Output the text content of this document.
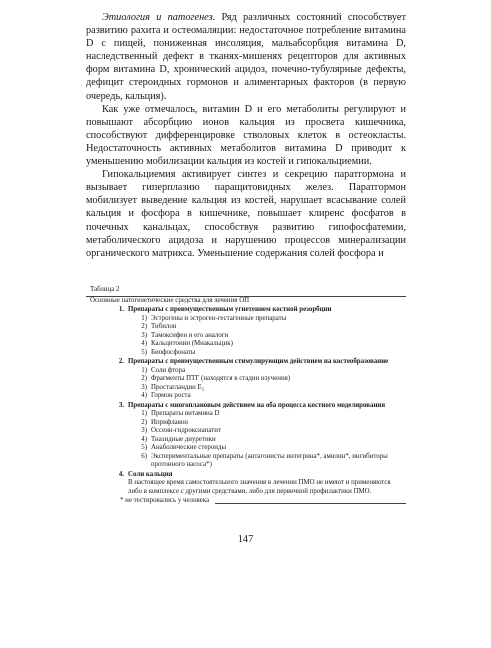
Этиология и патогенез. Ряд различных состояний способствует развитию рахита и остеомаляции: недостаточное потребление витамина D с пищей, пониженная инсоляция, мальабсорбция витамина D, наследственный дефект в тканях-мишенях рецепторов для активных форм витамина D, хронический ацидоз, почечно-тубулярные дефекты, дефицит стероидных гормонов и алиментарных факторов (в первую очередь, кальция).

Как уже отмечалось, витамин D и его метаболиты регулируют и повышают абсорбцию ионов кальция из просвета кишечника, способствуют дифференцировке стволовых клеток в остеокласты. Недостаточность активных метаболитов витамина D приводит к уменьшению мобилизации кальция из костей и гипокальциемии.

Гипокальциемия активирует синтез и секрецию паратгормона и вызывает гиперплазию паращитовидных желез. Паратгормон мобилизует выведение кальция из костей, нарушает всасывание солей кальция и фосфора в кишечнике, повышает клиренс фосфатов в почечных канальцах, способствуя развитию гипофосфатемии, метаболического ацидоза и нарушению процессов минерализации органического матрикса. Уменьшение содержания солей фосфора и

Таблица 2

Основные патогенетические средства для лечения ОП

1. Препараты с преимущественным угнетением костной резорбции
1) Эстрогены и эстроген-гестагенные препараты
2) Тибилон
3) Тамоксифен и его аналоги
4) Кальцитонин (Миакальцик)
5) Биофосфонаты
2. Препараты с преимущественным стимулирующим действием на костеобразование
1) Соли фтора
2) Фрагменты ПТГ (находятся в стадии изучения)
3) Простагландин Е₂
4) Гормон роста
3. Препараты с многоплановым действием на оба процесса костного моделирования
1) Препараты витамина D
2) Иприфлавон
3) Оссеин-гидроксиапатит
4) Тиазидные диуретики
5) Анаболические стероиды
6) Экспериментальные препараты (антагонисты интегрина*, амилин*, ингибиторы протонного насоса*)
4. Соли кальция
В настоящее время самостоятельного значения в лечении ПМО не имеют и применяются либо в комплексе с другими средствами, либо для первичной профилактики ПМО.
* не тестировались у человека
147
